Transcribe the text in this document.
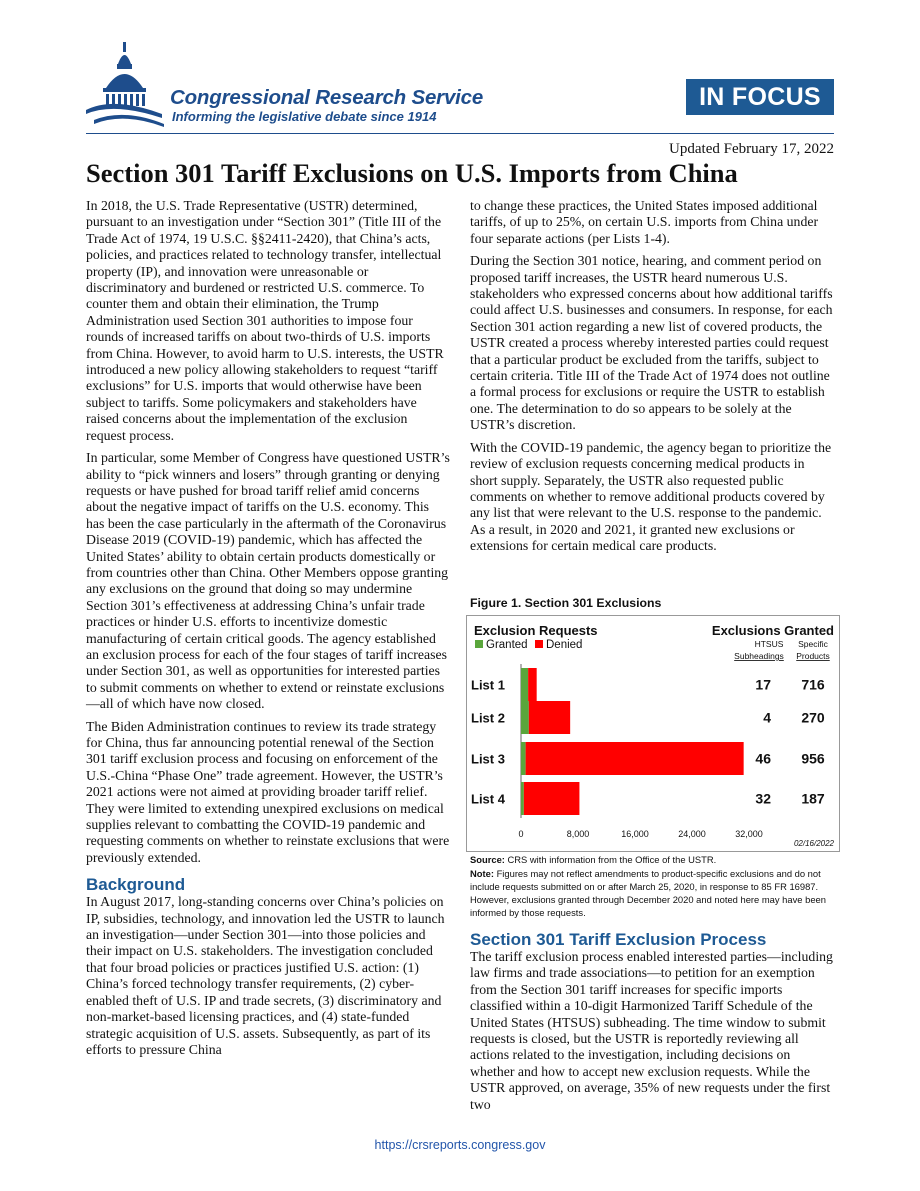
Congressional Research Service
Informing the legislative debate since 1914
IN FOCUS
Updated February 17, 2022
Section 301 Tariff Exclusions on U.S. Imports from China

In 2018, the U.S. Trade Representative (USTR) determined, pursuant to an investigation under “Section 301” (Title III of the Trade Act of 1974, 19 U.S.C. §§2411-2420), that China’s acts, policies, and practices related to technology transfer, intellectual property (IP), and innovation were unreasonable or discriminatory and burdened or restricted U.S. commerce. To counter them and obtain their elimination, the Trump Administration used Section 301 authorities to impose four rounds of increased tariffs on about two-thirds of U.S. imports from China. However, to avoid harm to U.S. interests, the USTR introduced a new policy allowing stakeholders to request “tariff exclusions” for U.S. imports that would otherwise have been subject to tariffs. Some policymakers and stakeholders have raised concerns about the implementation of the exclusion request process.

In particular, some Member of Congress have questioned USTR’s ability to “pick winners and losers” through granting or denying requests or have pushed for broad tariff relief amid concerns about the negative impact of tariffs on the U.S. economy. This has been the case particularly in the aftermath of the Coronavirus Disease 2019 (COVID-19) pandemic, which has affected the United States’ ability to obtain certain products domestically or from countries other than China. Other Members oppose granting any exclusions on the ground that doing so may undermine Section 301’s effectiveness at addressing China’s unfair trade practices or hinder U.S. efforts to incentivize domestic manufacturing of certain critical goods. The agency established an exclusion process for each of the four stages of tariff increases under Section 301, as well as opportunities for interested parties to submit comments on whether to extend or reinstate exclusions—all of which have now closed.

The Biden Administration continues to review its trade strategy for China, thus far announcing potential renewal of the Section 301 tariff exclusion process and focusing on enforcement of the U.S.-China “Phase One” trade agreement. However, the USTR’s 2021 actions were not aimed at providing broader tariff relief. They were limited to extending unexpired exclusions on medical supplies relevant to combatting the COVID-19 pandemic and requesting comments on whether to reinstate exclusions that were previously extended.

Background

In August 2017, long-standing concerns over China’s policies on IP, subsidies, technology, and innovation led the USTR to launch an investigation—under Section 301—into those policies and their impact on U.S. stakeholders. The investigation concluded that four broad policies or practices justified U.S. action: (1) China’s forced technology transfer requirements, (2) cyber-enabled theft of U.S. IP and trade secrets, (3) discriminatory and non-market-based licensing practices, and (4) state-funded strategic acquisition of U.S. assets. Subsequently, as part of its efforts to pressure China

to change these practices, the United States imposed additional tariffs, of up to 25%, on certain U.S. imports from China under four separate actions (per Lists 1-4).

During the Section 301 notice, hearing, and comment period on proposed tariff increases, the USTR heard numerous U.S. stakeholders who expressed concerns about how additional tariffs could affect U.S. businesses and consumers. In response, for each Section 301 action regarding a new list of covered products, the USTR created a process whereby interested parties could request that a particular product be excluded from the tariffs, subject to certain criteria. Title III of the Trade Act of 1974 does not outline a formal process for exclusions or require the USTR to establish one. The determination to do so appears to be solely at the USTR’s discretion.

With the COVID-19 pandemic, the agency began to prioritize the review of exclusion requests concerning medical products in short supply. Separately, the USTR also requested public comments on whether to remove additional products covered by any list that were relevant to the U.S. response to the pandemic. As a result, in 2020 and 2021, it granted new exclusions or extensions for certain medical care products.

Figure 1. Section 301 Exclusions
Exclusion Requests	Exclusions Granted
Granted Denied	HTSUS
Subheadings
Specific
Products
List 1	17 716
List 2	4 270
List 3	46 956
List 4	32 187
0	8,000	16,000	24,000	32,000
02/16/2022

Source: CRS with information from the Office of the USTR.

Note: Figures may not reflect amendments to product-specific exclusions and do not include requests submitted on or after March 25, 2020, in response to 85 FR 16987. However, exclusions granted through December 2020 and noted here may have been informed by those requests.

Section 301 Tariff Exclusion Process

The tariff exclusion process enabled interested parties—including law firms and trade associations—to petition for an exemption from the Section 301 tariff increases for specific imports classified within a 10-digit Harmonized Tariff Schedule of the United States (HTSUS) subheading. The time window to submit requests is closed, but the USTR is reportedly reviewing all actions related to the investigation, including decisions on whether and how to accept new exclusion requests. While the USTR approved, on average, 35% of new requests under the first two

https://crsreports.congress.gov
